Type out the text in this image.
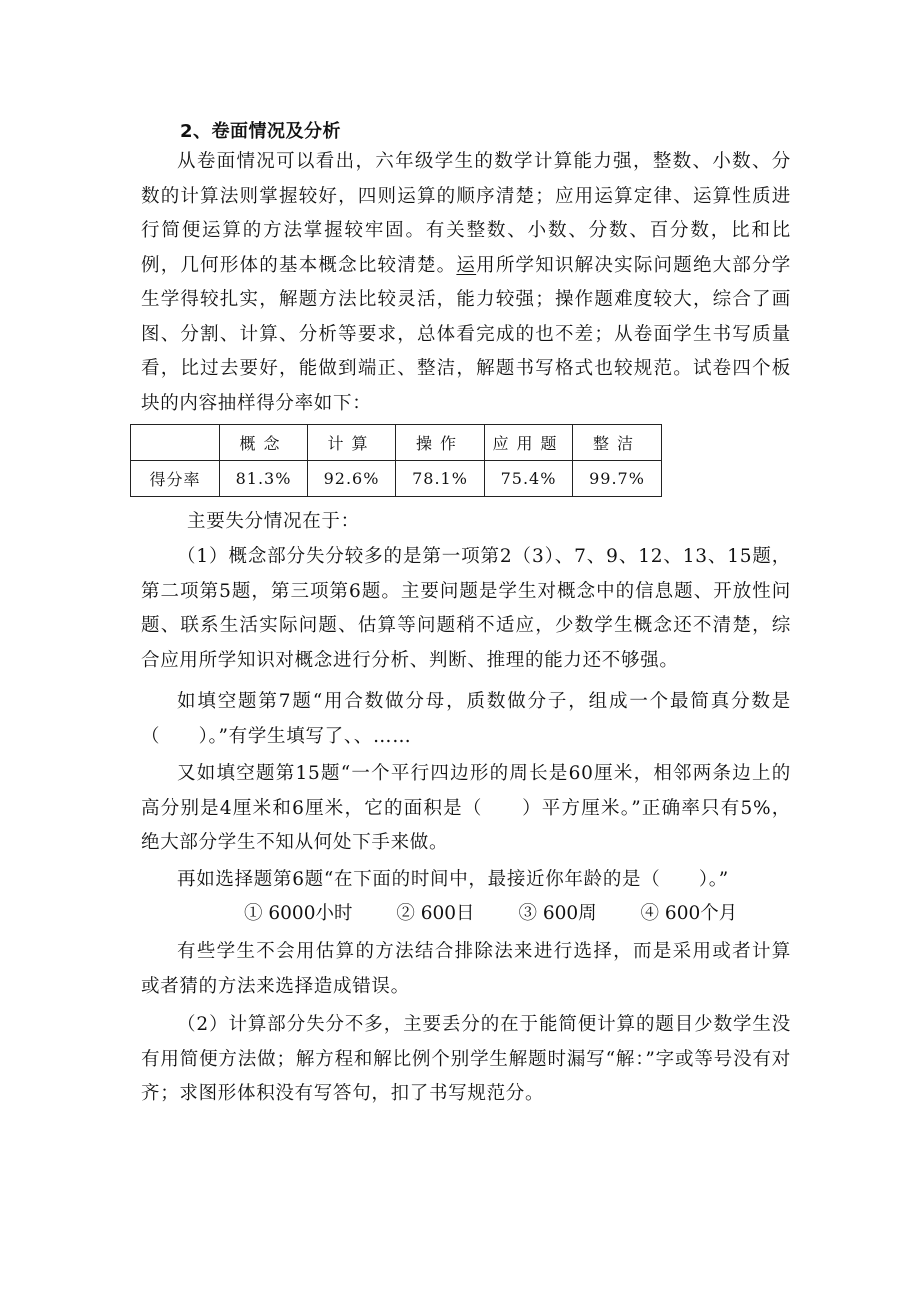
2、卷面情况及分析
从卷面情况可以看出，六年级学生的数学计算能力强，整数、小数、分数的计算法则掌握较好，四则运算的顺序清楚；应用运算定律、运算性质进行简便运算的方法掌握较牢固。有关整数、小数、分数、百分数，比和比例，几何形体的基本概念比较清楚。运用所学知识解决实际问题绝大部分学生学得较扎实，解题方法比较灵活，能力较强；操作题难度较大，综合了画图、分割、计算、分析等要求，总体看完成的也不差；从卷面学生书写质量看，比过去要好，能做到端正、整洁，解题书写格式也较规范。试卷四个板块的内容抽样得分率如下：
	概念	计算	操作	应用题	整洁
得分率	81.3%	92.6%	78.1%	75.4%	99.7%
主要失分情况在于：
（1）概念部分失分较多的是第一项第2（3）、7、9、12、13、15题，第二项第5题，第三项第6题。主要问题是学生对概念中的信息题、开放性问题、联系生活实际问题、估算等问题稍不适应，少数学生概念还不清楚，综合应用所学知识对概念进行分析、判断、推理的能力还不够强。
如填空题第7题“用合数做分母，质数做分子，组成一个最简真分数是（　　）。”有学生填写了、、……
又如填空题第15题“一个平行四边形的周长是60厘米，相邻两条边上的高分别是4厘米和6厘米，它的面积是（　　）平方厘米。”正确率只有5%，绝大部分学生不知从何处下手来做。
再如选择题第6题“在下面的时间中，最接近你年龄的是（　　）。”
① 6000小时 ② 600日 ③ 600周 ④ 600个月
有些学生不会用估算的方法结合排除法来进行选择，而是采用或者计算或者猜的方法来选择造成错误。
（2）计算部分失分不多，主要丢分的在于能简便计算的题目少数学生没有用简便方法做；解方程和解比例个别学生解题时漏写“解：”字或等号没有对齐；求图形体积没有写答句，扣了书写规范分。
